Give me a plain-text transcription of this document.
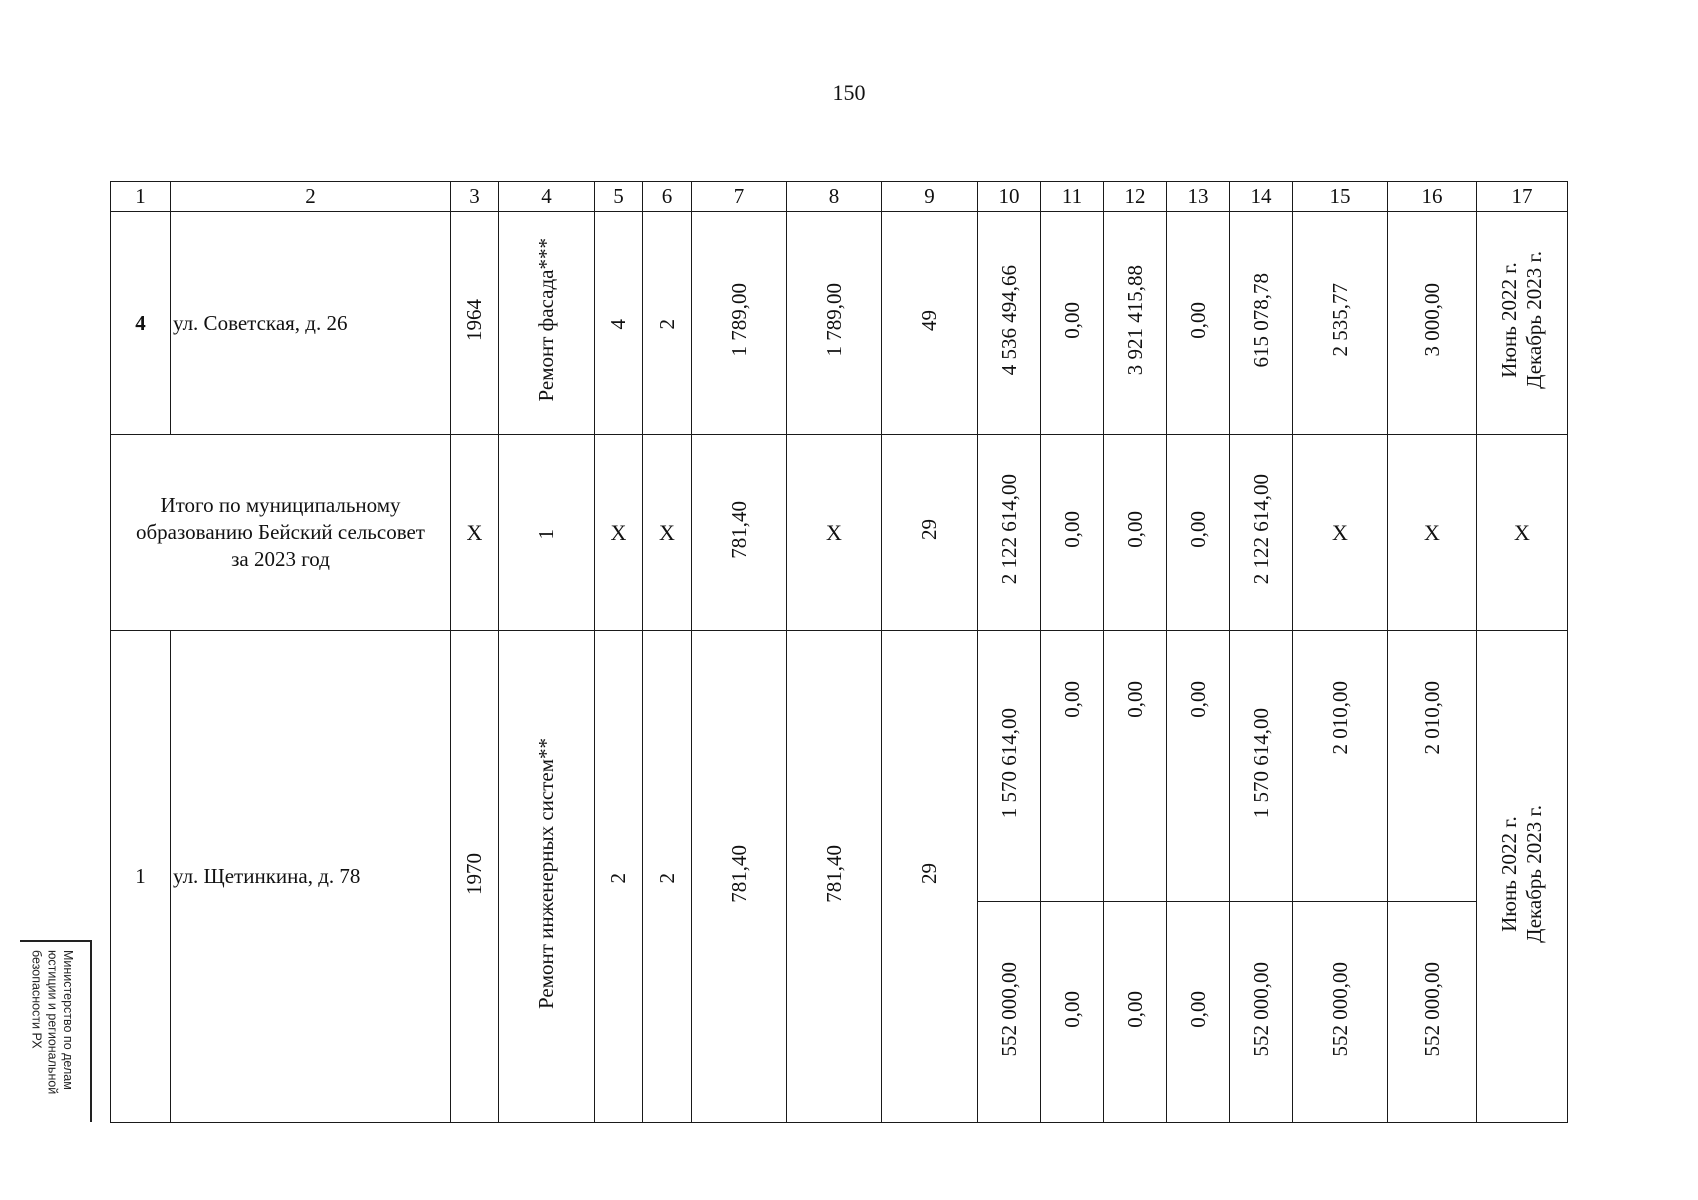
150
1	2	3	4	5	6	7	8	9	10	11	12	13	14	15	16	17
4	ул. Советская, д. 26	1964	Ремонт фасада***	4	2	1 789,00	1 789,00	49	4 536 494,66	0,00	3 921 415,88	0,00	615 078,78	2 535,77	3 000,00	Июнь 2022 г.
Декабрь 2023 г.
Итого по муниципальному
образованию Бейский сельсовет
за 2023 год		X	1	X	X	781,40	X	29	2 122 614,00	0,00	0,00	0,00	2 122 614,00	X	X	X
1	ул. Щетинкина, д. 78	1970	Ремонт инженерных систем**	2	2	781,40	781,40	29	1 570 614,00	0,00	0,00	0,00	1 570 614,00	2 010,00	2 010,00	Июнь 2022 г.
Декабрь 2023 г.
									552 000,00	0,00	0,00	0,00	552 000,00	552 000,00	552 000,00	
Министерство по делам
юстиции и региональной
безопасности РХ
